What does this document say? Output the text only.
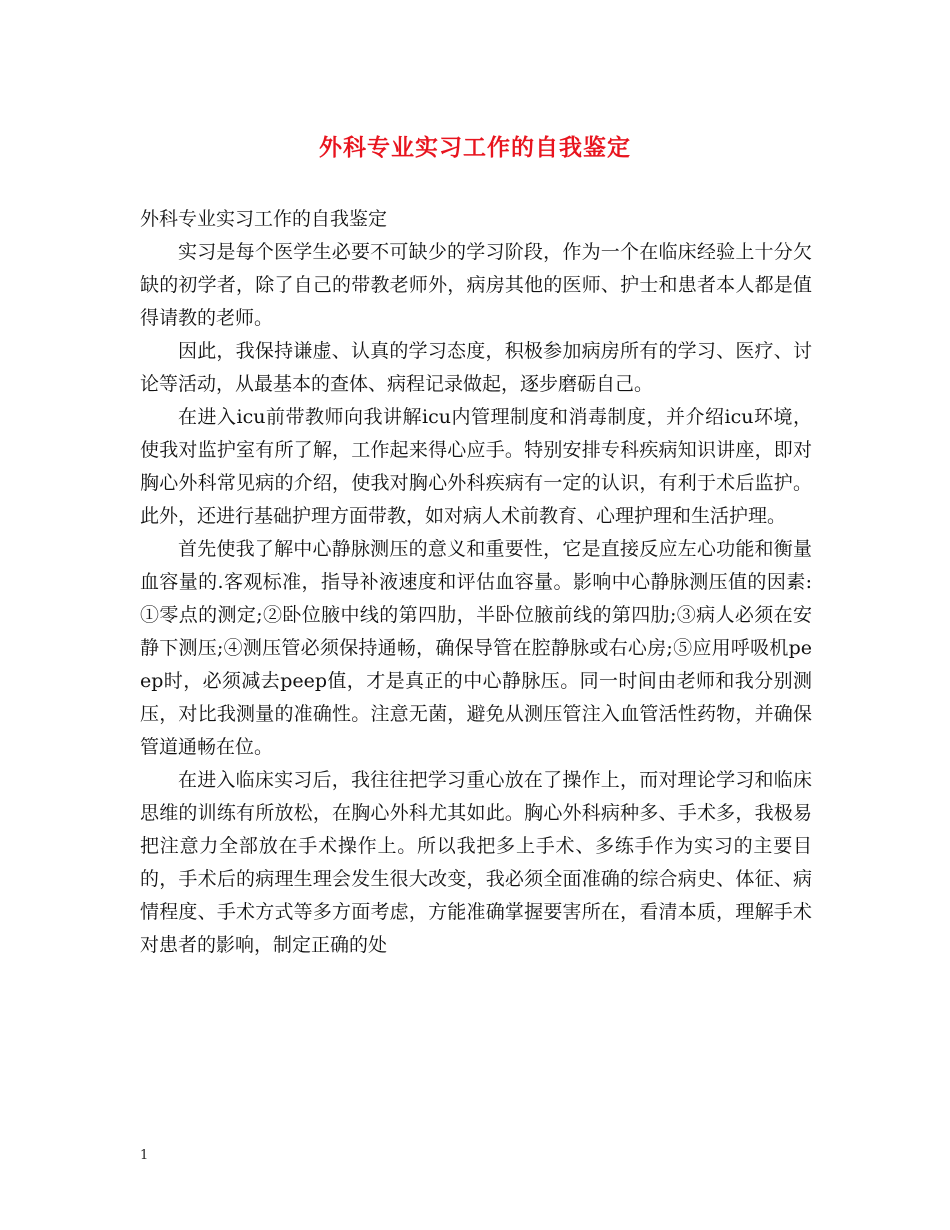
外科专业实习工作的自我鉴定

外科专业实习工作的自我鉴定

实习是每个医学生必要不可缺少的学习阶段，作为一个在临床经验上十分欠缺的初学者，除了自己的带教老师外，病房其他的医师、护士和患者本人都是值得请教的老师。

因此，我保持谦虚、认真的学习态度，积极参加病房所有的学习、医疗、讨论等活动，从最基本的查体、病程记录做起，逐步磨砺自己。

在进入icu前带教师向我讲解icu内管理制度和消毒制度，并介绍icu环境，使我对监护室有所了解，工作起来得心应手。特别安排专科疾病知识讲座，即对胸心外科常见病的介绍，使我对胸心外科疾病有一定的认识，有利于术后监护。此外，还进行基础护理方面带教，如对病人术前教育、心理护理和生活护理。

首先使我了解中心静脉测压的意义和重要性，它是直接反应左心功能和衡量血容量的.客观标准，指导补液速度和评估血容量。影响中心静脉测压值的因素:①零点的测定;②卧位腋中线的第四肋，半卧位腋前线的第四肋;③病人必须在安静下测压;④测压管必须保持通畅，确保导管在腔静脉或右心房;⑤应用呼吸机peep时，必须减去peep值，才是真正的中心静脉压。同一时间由老师和我分别测压，对比我测量的准确性。注意无菌，避免从测压管注入血管活性药物，并确保管道通畅在位。

在进入临床实习后，我往往把学习重心放在了操作上，而对理论学习和临床思维的训练有所放松，在胸心外科尤其如此。胸心外科病种多、手术多，我极易把注意力全部放在手术操作上。所以我把多上手术、多练手作为实习的主要目的，手术后的病理生理会发生很大改变，我必须全面准确的综合病史、体征、病情程度、手术方式等多方面考虑，方能准确掌握要害所在，看清本质，理解手术对患者的影响，制定正确的处

1
